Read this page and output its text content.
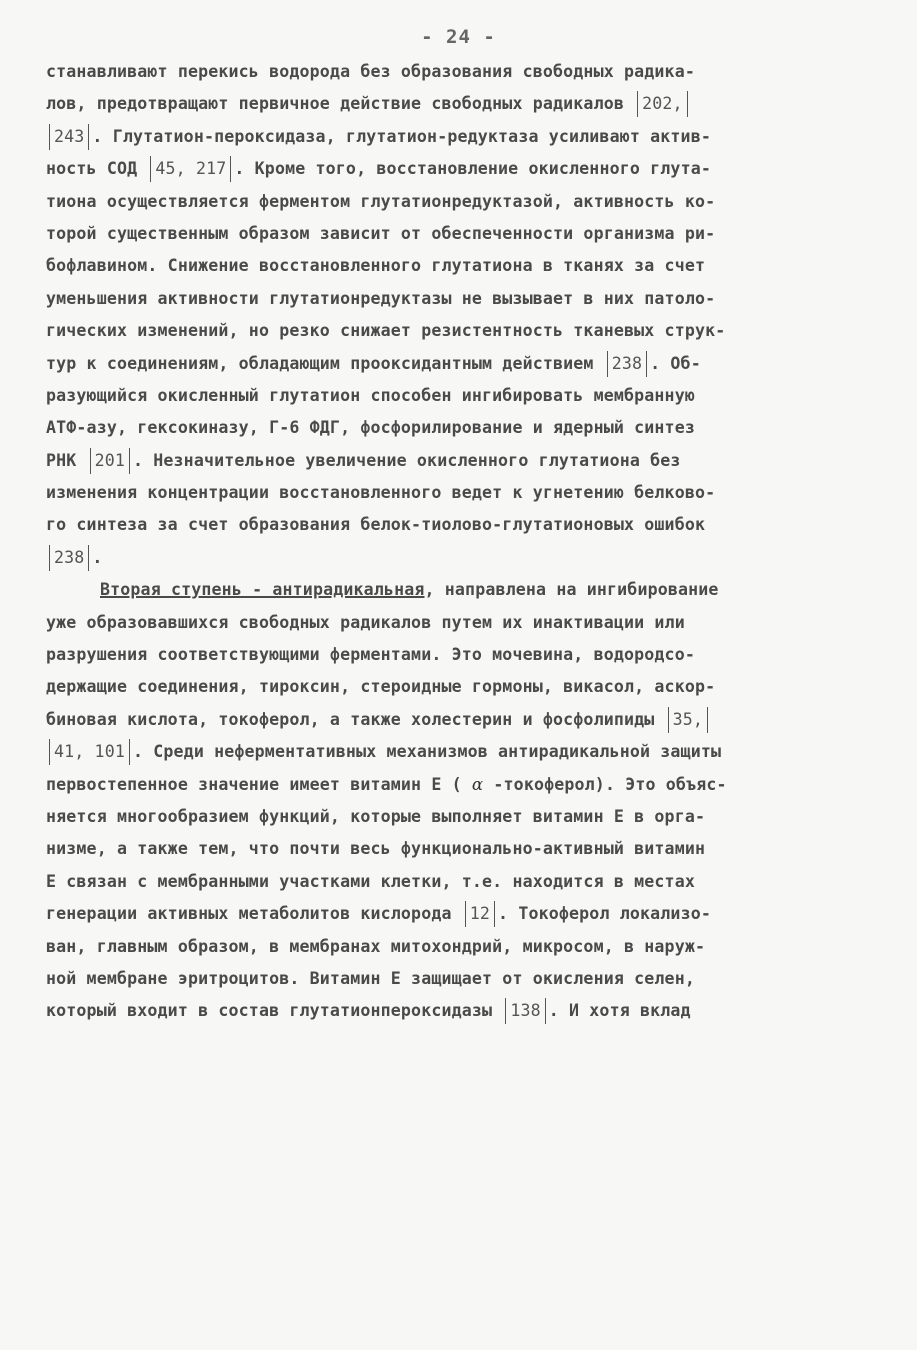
- 24 -
станавливают перекись водорода без образования свободных радика-
лов, предотвращают первичное действие свободных радикалов 202,
243 . Глутатион-пероксидаза, глутатион-редуктаза усиливают актив-
ность СОД 45, 217 . Кроме того, восстановление окисленного глута-
тиона осуществляется ферментом глутатионредуктазой, активность ко-
торой существенным образом зависит от обеспеченности организма ри-
бофлавином. Снижение восстановленного глутатиона в тканях за счет
уменьшения активности глутатионредуктазы не вызывает в них патоло-
гических изменений, но резко снижает резистентность тканевых струк-
тур к соединениям, обладающим прооксидантным действием 238 . Об-
разующийся окисленный глутатион способен ингибировать мембранную
АТФ-азу, гексокиназу, Г-6 ФДГ, фосфорилирование и ядерный синтез
РНК 201 . Незначительное увеличение окисленного глутатиона без
изменения концентрации восстановленного ведет к угнетению белково-
го синтеза за счет образования белок-тиолово-глутатионовых ошибок
238 .
Вторая ступень - антирадикальная, направлена на ингибирование
уже образовавшихся свободных радикалов путем их инактивации или
разрушения соответствующими ферментами. Это мочевина, водородсо-
держащие соединения, тироксин, стероидные гормоны, викасол, аскор-
биновая кислота, токоферол, а также холестерин и фосфолипиды 35,
41, 101 . Среди неферментативных механизмов антирадикальной защиты
первостепенное значение имеет витамин Е ( α -токоферол). Это объяс-
няется многообразием функций, которые выполняет витамин Е в орга-
низме, а также тем, что почти весь функционально-активный витамин
Е связан с мембранными участками клетки, т.е. находится в местах
генерации активных метаболитов кислорода 12 . Токоферол локализо-
ван, главным образом, в мембранах митохондрий, микросом, в наруж-
ной мембране эритроцитов. Витамин Е защищает от окисления селен,
который входит в состав глутатионпероксидазы 138 . И хотя вклад
